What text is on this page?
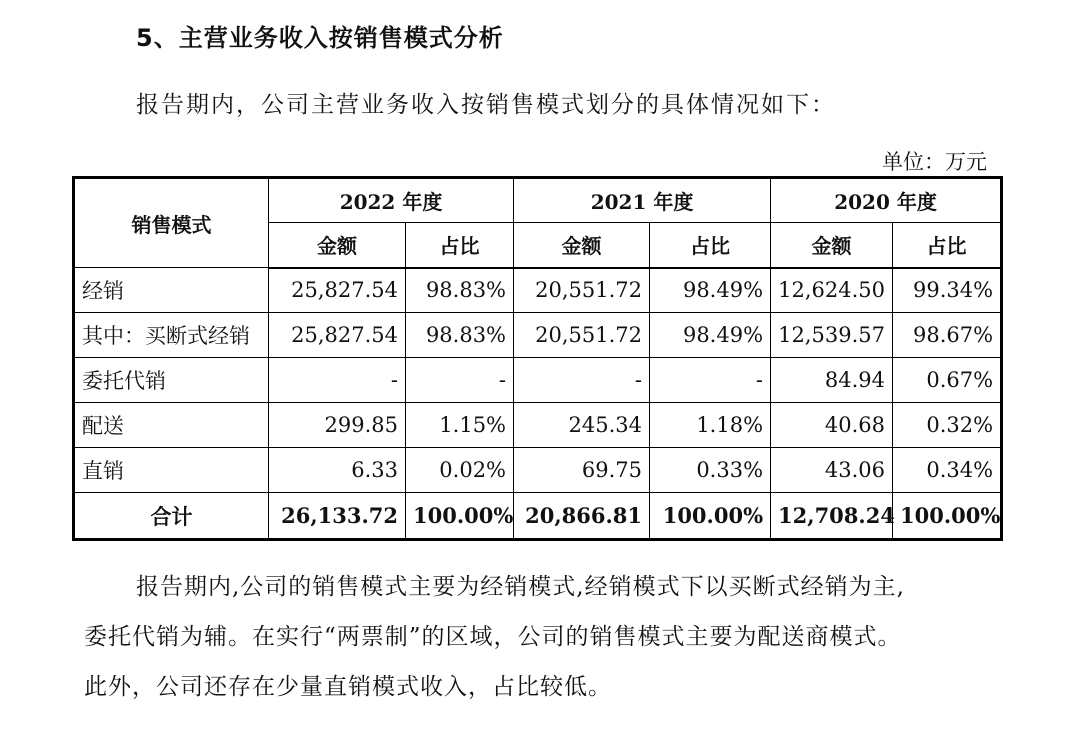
5、主营业务收入按销售模式分析
报告期内，公司主营业务收入按销售模式划分的具体情况如下：
单位：万元
销售模式	2022 年度		2021 年度		2020 年度	
	金额	占比	金额	占比	金额	占比
经销	25,827.54	98.83%	20,551.72	98.49%	12,624.50	99.34%
其中：买断式经销	25,827.54	98.83%	20,551.72	98.49%	12,539.57	98.67%
委托代销	-	-	-	-	84.94	0.67%
配送	299.85	1.15%	245.34	1.18%	40.68	0.32%
直销	6.33	0.02%	69.75	0.33%	43.06	0.34%
合计	26,133.72	100.00%	20,866.81	100.00%	12,708.24	100.00%
报告期内,公司的销售模式主要为经销模式,经销模式下以买断式经销为主,
委托代销为辅。在实行“两票制”的区域，公司的销售模式主要为配送商模式。
此外，公司还存在少量直销模式收入，占比较低。
